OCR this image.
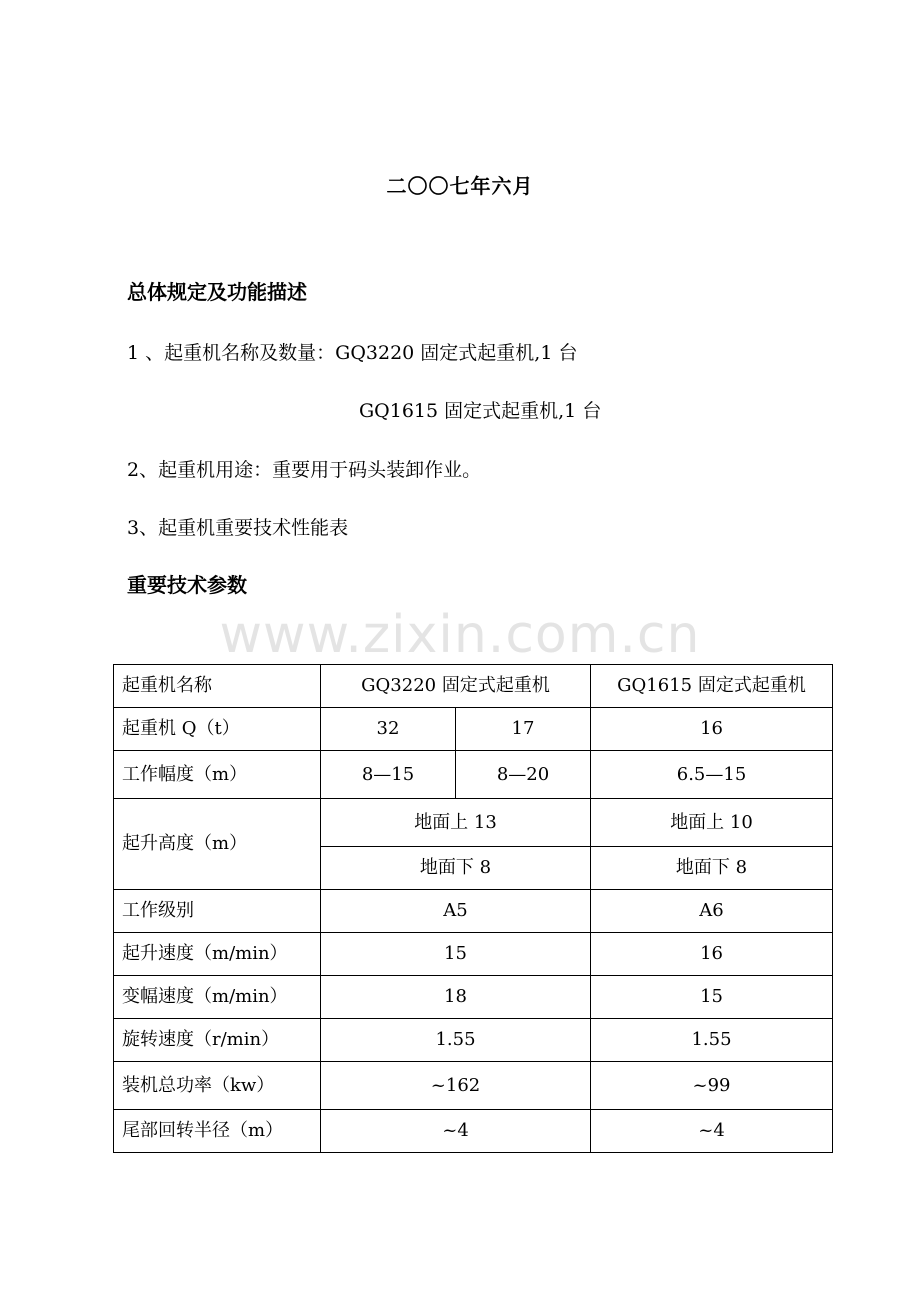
二〇〇七年六月
总体规定及功能描述
1 、起重机名称及数量：GQ3220 固定式起重机,1 台
GQ1615 固定式起重机,1 台
2、起重机用途：重要用于码头装卸作业。
3、起重机重要技术性能表
重要技术参数
www.zixin.com.cn
起重机名称	GQ3220 固定式起重机		GQ1615 固定式起重机
起重机 Q（t）	32	17	16
工作幅度（m）	8—15	8—20	6.5—15
起升高度（m）	地面上 13		地面上 10
	地面下 8		地面下 8
工作级别	A5		A6
起升速度（m/min）	15		16
变幅速度（m/min）	18		15
旋转速度（r/min）	1.55		1.55
装机总功率（kw）	~162		~99
尾部回转半径（m）	~4		~4
